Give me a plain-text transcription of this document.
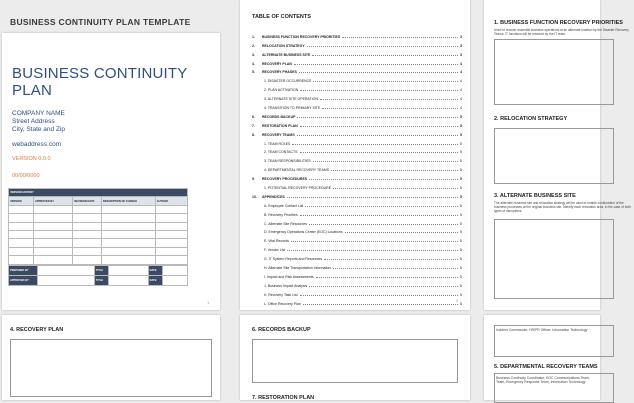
BUSINESS CONTINUITY PLAN TEMPLATE
BUSINESS CONTINUITY
PLAN
COMPANY NAME
Street Address
City, State and Zip
webaddress.com
VERSION 0.0.0
00/00/0000
VERSION HISTORY				
VERSION	APPROVED BY	REVISION DATE	DESCRIPTION OF CHANGE	AUTHOR

PREPARED BY		TITLE		DATE	
APPROVED BY		TITLE		DATE	
1
TABLE OF CONTENTS
1.	BUSINESS FUNCTION RECOVERY PRIORITIES	3
2.	RELOCATION STRATEGY	3
3.	ALTERNATE BUSINESS SITE	3
4.	RECOVERY PLAN	4
5.	RECOVERY PHASES	4
1. DISASTER OCCURRENCE	4
2. PLAN ACTIVATION	4
3. ALTERNATE SITE OPERATION	4
4. TRANSITION TO PRIMARY SITE	4
6.	RECORDS BACKUP	5
7.	RESTORATION PLAN	5
8.	RECOVERY TEAMS	5
1. TEAM ROLES	5
2. TEAM CONTACTS	5
3. TEAM RESPONSIBILITIES	5
4. DEPARTMENTAL RECOVERY TEAMS	5
9.	RECOVERY PROCEDURES	5
1. POTENTIAL RECOVERY PROCEDURE	5
10.	APPENDICES	5
A. Employee Contact List	5
B. Recovery Priorities	5
C. Alternate Site Resources	5
D. Emergency Operations Center (EOC) Locations	5
E. Vital Records	5
F. Vendor List	5
G. IT System Reports and Resources	5
H. Alternate Site Transportation Information	5
I. Impact and Risk Assessments	5
J. Business Impact Analysis	5
K. Recovery Task List	5
L. Office Recovery Plan	5
2
1. BUSINESS FUNCTION RECOVERY PRIORITIES
Used to recover essential business operations at an alternate location by the Disaster Recovery Teams. IT functions will be restored by the IT team.
2. RELOCATION STRATEGY
3. ALTERNATE BUSINESS SITE
The alternate business site and relocation strategy will be used to enable continuation of the business processes at the original business site. Identify each relocation area, in the case of both types of disruptions
4. RECOVERY PLAN	6. RECORDS BACKUP
7. RESTORATION PLAN
Incident Commander, HR/PR Officer, Information Technology
5. DEPARTMENTAL RECOVERY TEAMS
Business Continuity Coordinator, EOC Communications Team,
Team, Emergency Response Team, Information Technology
